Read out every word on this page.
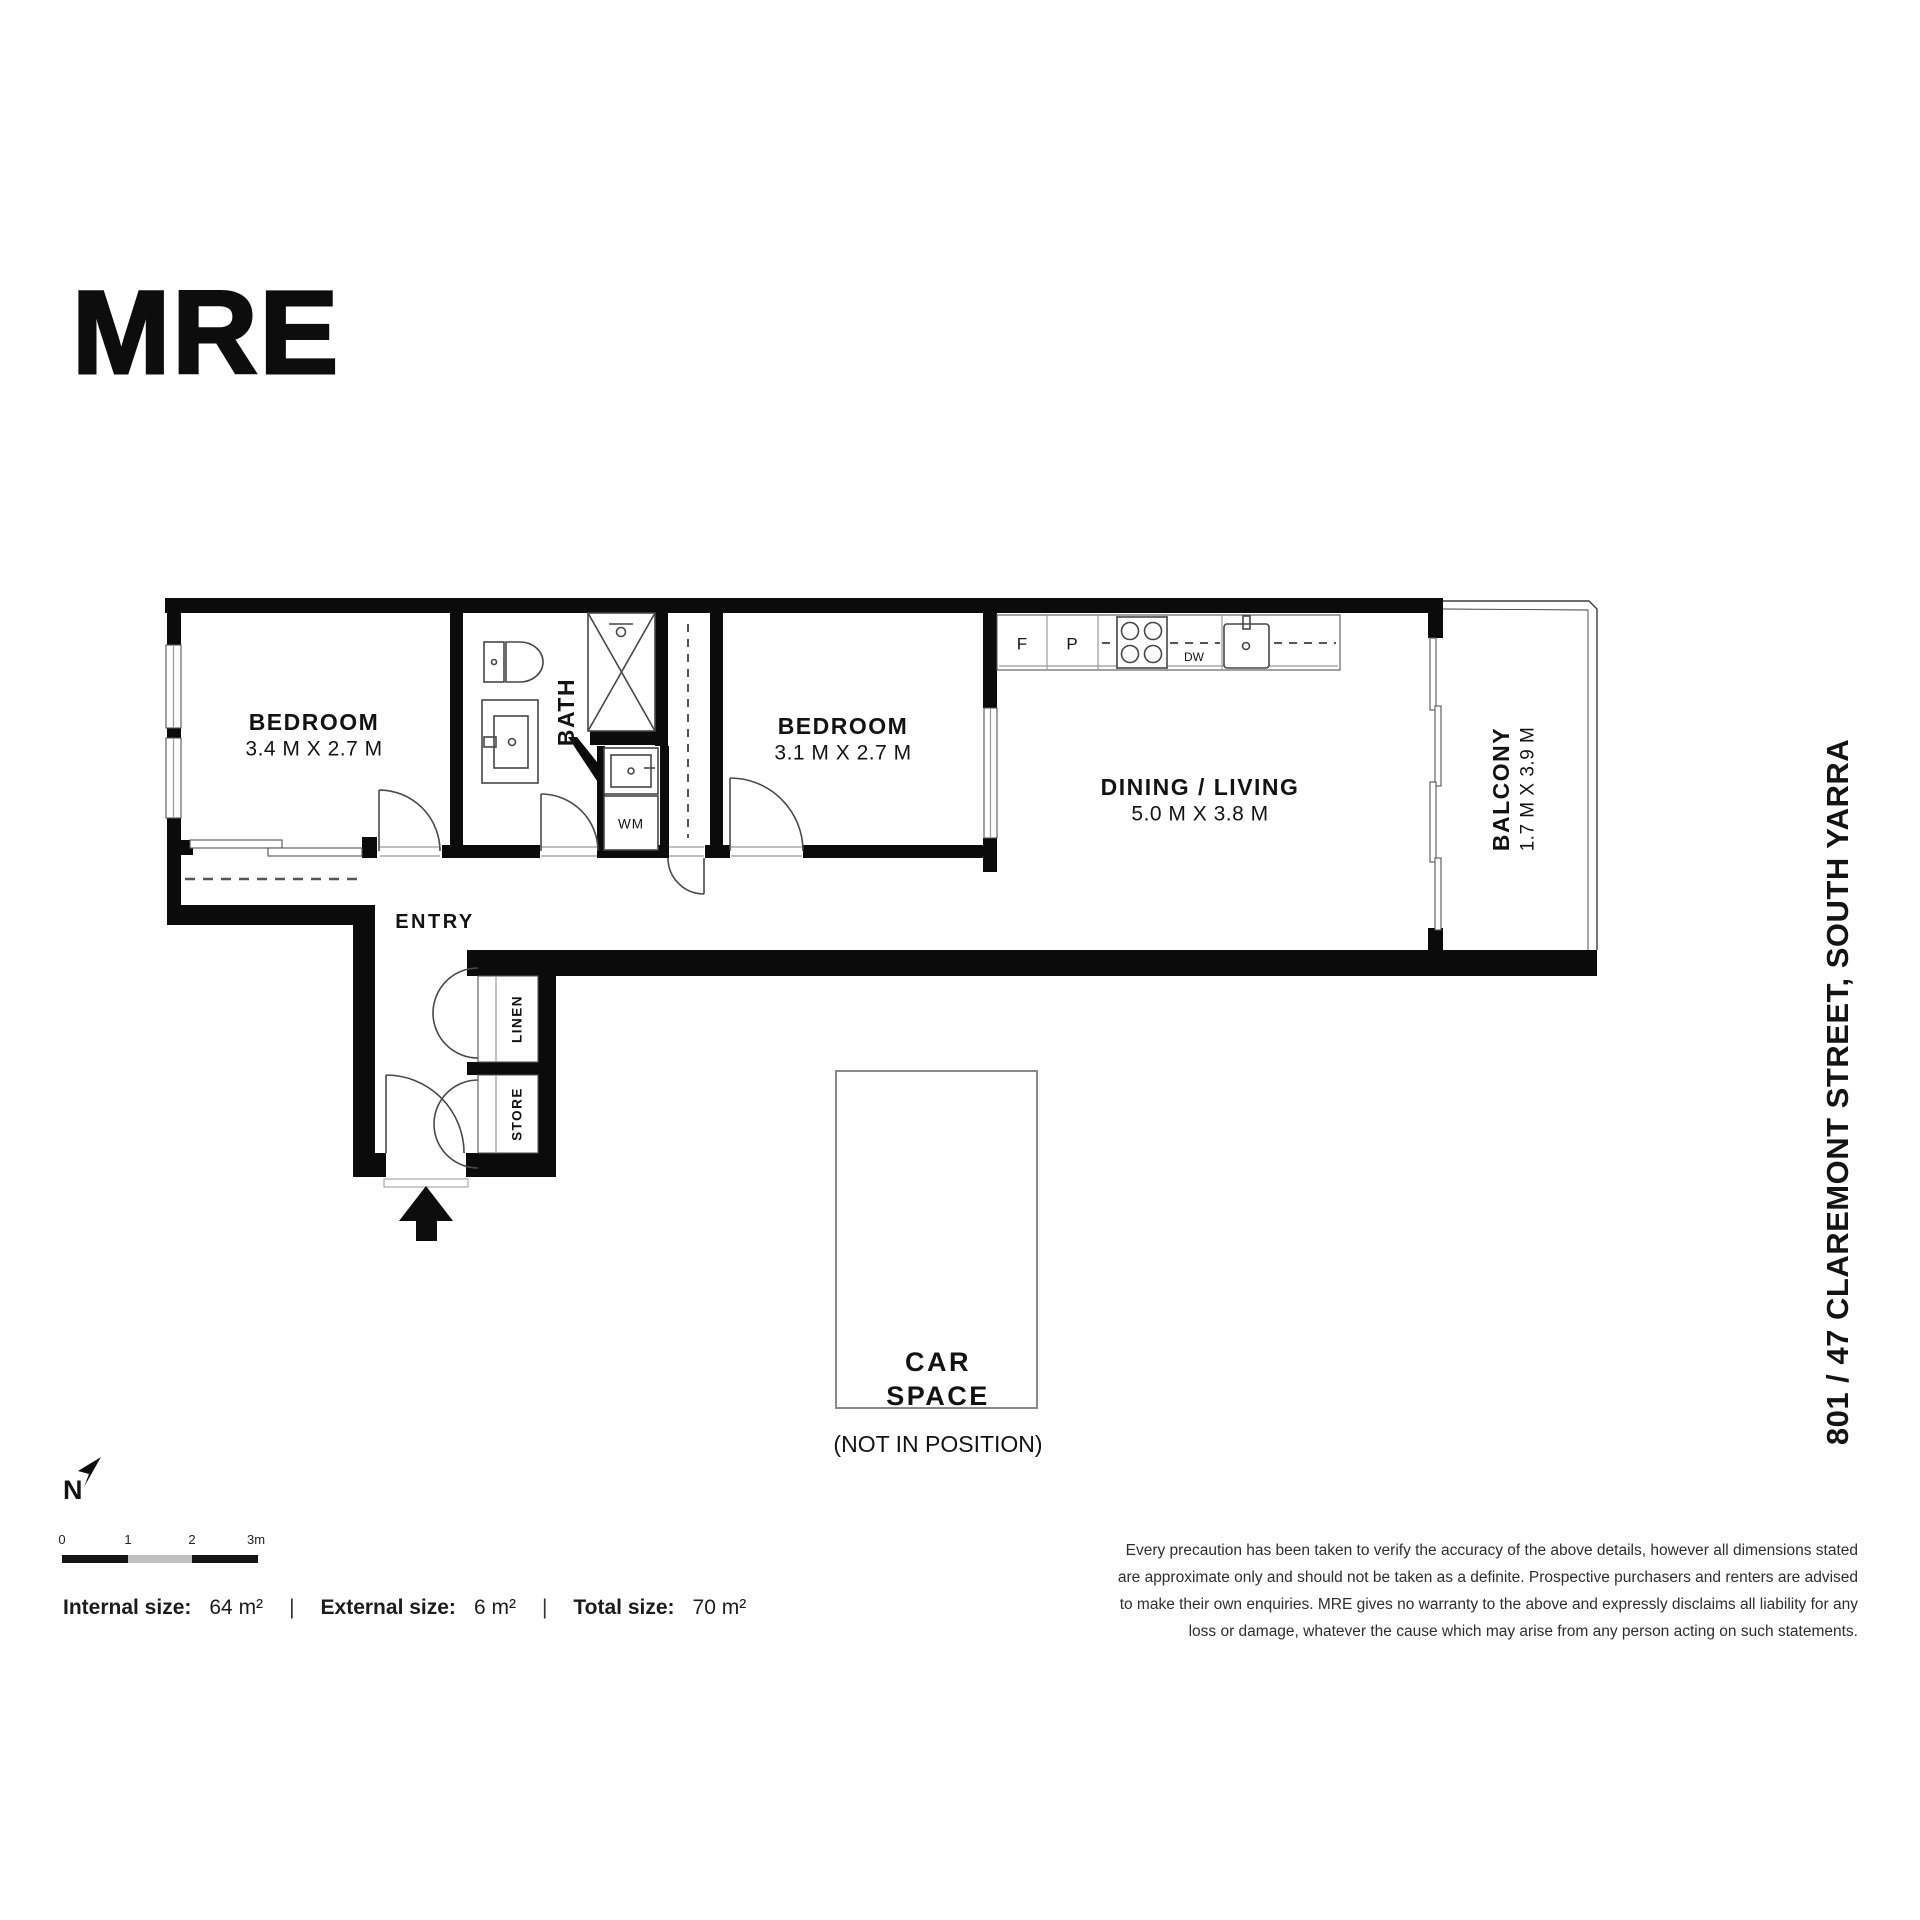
MRE
CAR
SPACE
(NOT IN POSITION)
N
0	1	2	3m
BEDROOM
3.4 M X 2.7 M
BATH
WM
BEDROOM
3.1 M X 2.7 M
DINING / LIVING
5.0 M X 3.8 M	BALCONY 1.7 M X 3.9 M
ENTRY
LINEN
STORE
F P
DW
801 / 47 CLAREMONT STREET, SOUTH YARRA
Internal size: 64 m² | External size: 6 m² | Total size: 70 m²
Every precaution has been taken to verify the accuracy of the above details, however all dimensions stated
are approximate only and should not be taken as a definite. Prospective purchasers and renters are advised
to make their own enquiries. MRE gives no warranty to the above and expressly disclaims all liability for any
loss or damage, whatever the cause which may arise from any person acting on such statements.
